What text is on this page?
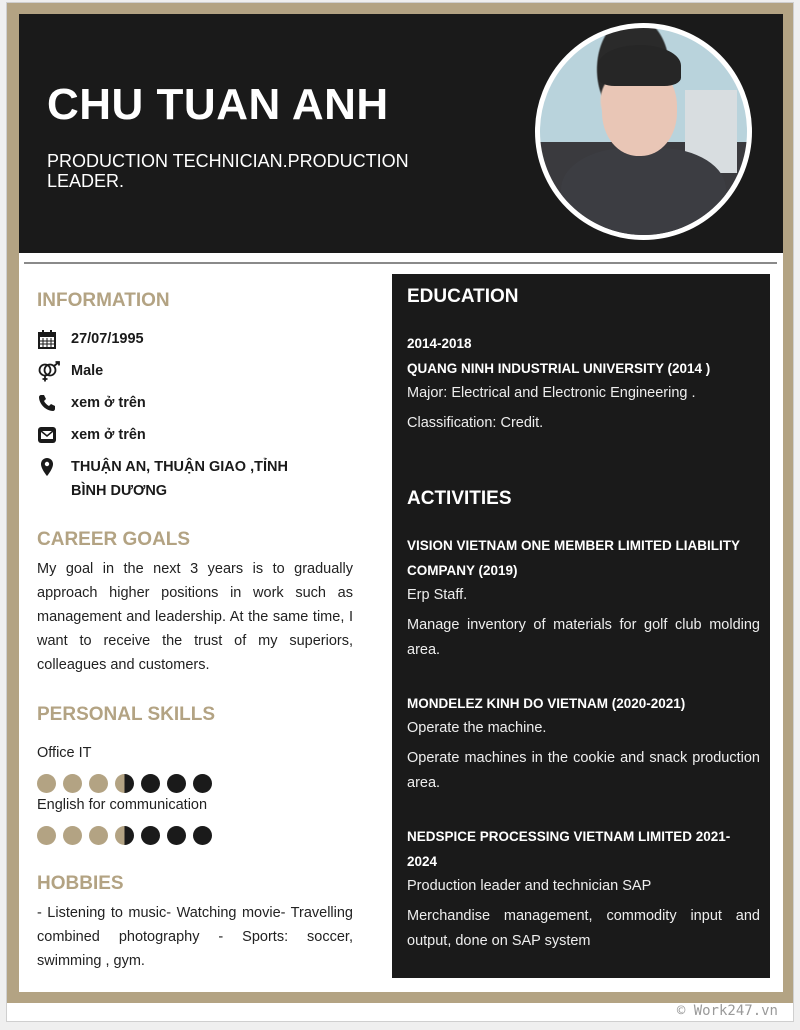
CHU TUAN ANH
PRODUCTION TECHNICIAN.PRODUCTION LEADER.
INFORMATION
27/07/1995
Male
xem ở trên
xem ở trên
THUẬN AN, THUẬN GIAO ,TỈNH BÌNH DƯƠNG
CAREER GOALS
My goal in the next 3 years is to gradually approach higher positions in work such as management and leadership. At the same time, I want to receive the trust of my superiors, colleagues and customers.
PERSONAL SKILLS
Office IT
English for communication
HOBBIES
- Listening to music- Watching movie- Travelling combined photography - Sports: soccer, swimming , gym.
EDUCATION
2014-2018
QUANG NINH INDUSTRIAL UNIVERSITY (2014 )
Major: Electrical and Electronic Engineering .
Classification: Credit.
ACTIVITIES
VISION VIETNAM ONE MEMBER LIMITED LIABILITY COMPANY (2019)
Erp Staff.
Manage inventory of materials for golf club molding area.
MONDELEZ KINH DO VIETNAM (2020-2021)
Operate the machine.
Operate machines in the cookie and snack production area.
NEDSPICE PROCESSING VIETNAM LIMITED 2021- 2024
Production leader and technician SAP
Merchandise management, commodity input and output, done on SAP system
© Work247.vn
